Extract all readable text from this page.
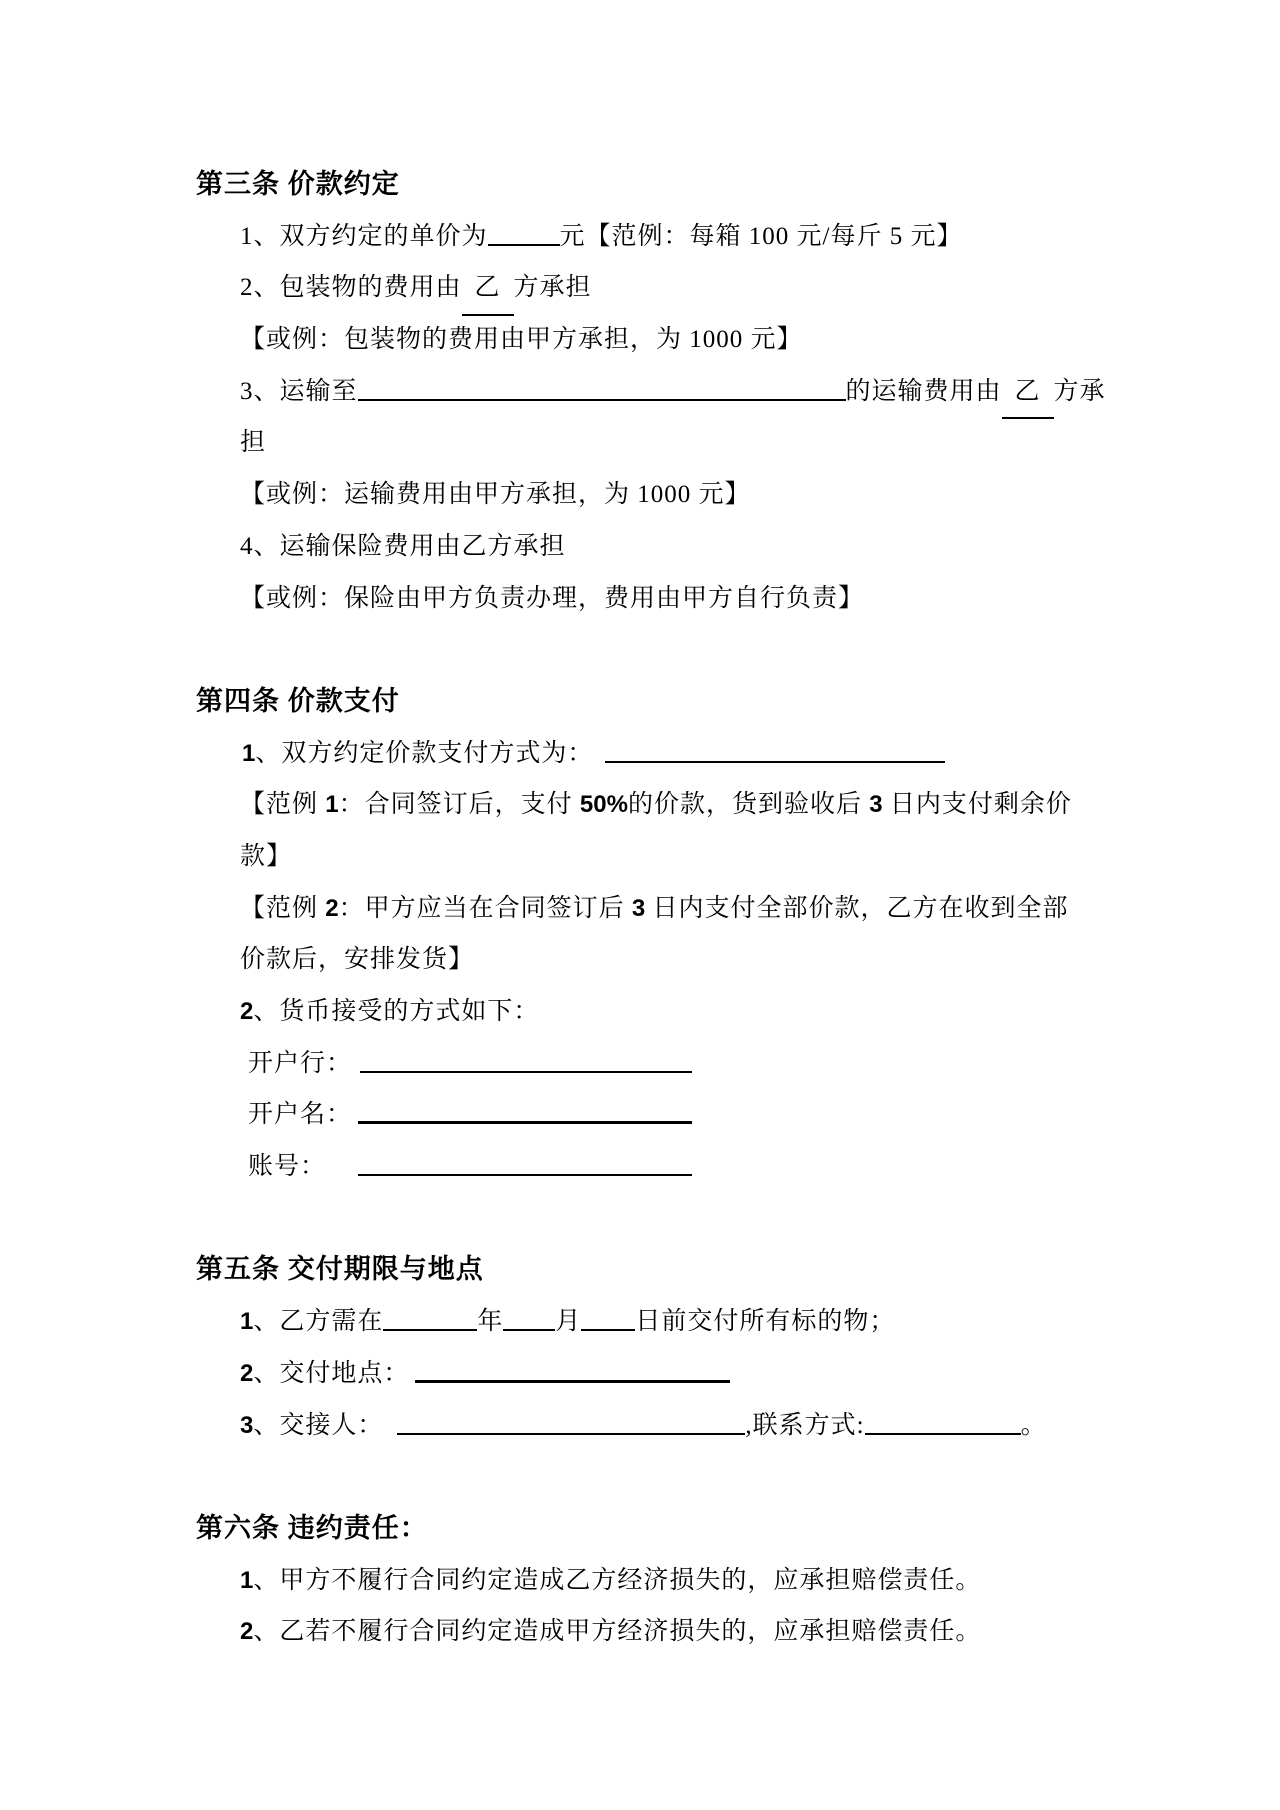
第三条 价款约定
1、双方约定的单价为	元【范例：每箱 100 元/每斤 5 元】
2、包装物的费用由 乙 方承担
【或例：包装物的费用由甲方承担，为 1000 元】
3、运输至	的运输费用由 乙 方承
担
【或例：运输费用由甲方承担，为 1000 元】
4、运输保险费用由乙方承担
【或例：保险由甲方负责办理，费用由甲方自行负责】
第四条 价款支付
1、双方约定价款支付方式为：
【范例 1：合同签订后，支付 50%的价款，货到验收后 3 日内支付剩余价
款】
【范例 2：甲方应当在合同签订后 3 日内支付全部价款，乙方在收到全部
价款后，安排发货】
2、货币接受的方式如下：
开户行：
开户名：
账号：
第五条 交付期限与地点
1、乙方需在	年 月 日前交付所有标的物；
2、交付地点：
3、交接人：	,联系方式:	。
第六条 违约责任：
1、甲方不履行合同约定造成乙方经济损失的，应承担赔偿责任。
2、乙若不履行合同约定造成甲方经济损失的，应承担赔偿责任。
